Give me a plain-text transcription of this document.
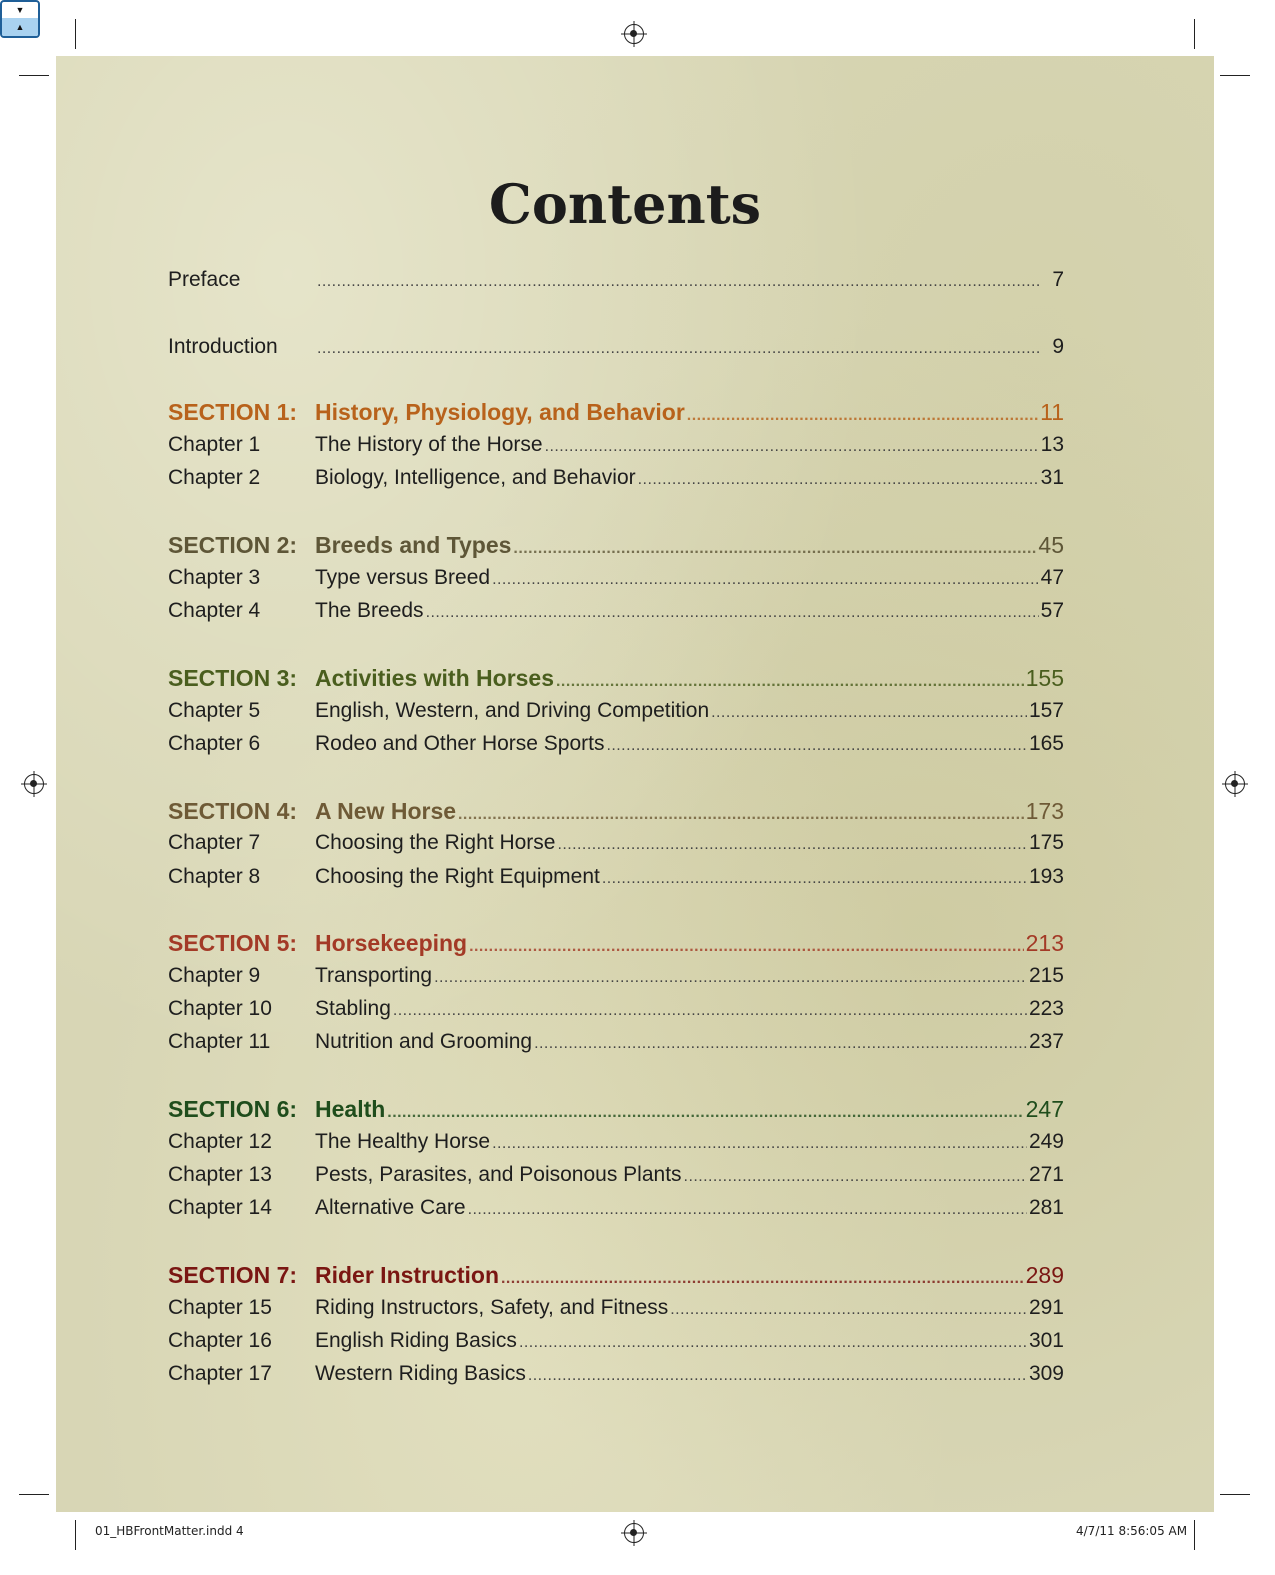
▼
▲
Contents
Preface . . .	7
Introduction . . .	9
SECTION 1: History, Physiology, and Behavior . . .	11
Chapter 1	The History of the Horse . . .	13
Chapter 2	Biology, Intelligence, and Behavior . . .	31
SECTION 2: Breeds and Types . . .	45
Chapter 3	Type versus Breed . . .	47
Chapter 4	The Breeds . . .	57
SECTION 3: Activities with Horses . . .	155
Chapter 5	English, Western, and Driving Competition . . .	157
Chapter 6	Rodeo and Other Horse Sports . . .	165
SECTION 4: A New Horse . . .	173
Chapter 7	Choosing the Right Horse . . .	175
Chapter 8	Choosing the Right Equipment . . .	193
SECTION 5: Horsekeeping . . .	213
Chapter 9	Transporting . . .	215
Chapter 10	Stabling . . .	223
Chapter 11	Nutrition and Grooming . . .	237
SECTION 6: Health . . .	247
Chapter 12	The Healthy Horse . . .	249
Chapter 13	Pests, Parasites, and Poisonous Plants . . .	271
Chapter 14	Alternative Care . . .	281
SECTION 7: Rider Instruction . . .	289
Chapter 15	Riding Instructors, Safety, and Fitness . . .	291
Chapter 16	English Riding Basics . . .	301
Chapter 17	Western Riding Basics . . .	309
01_HBFrontMatter.indd 4	4/7/11 8:56:05 AM
